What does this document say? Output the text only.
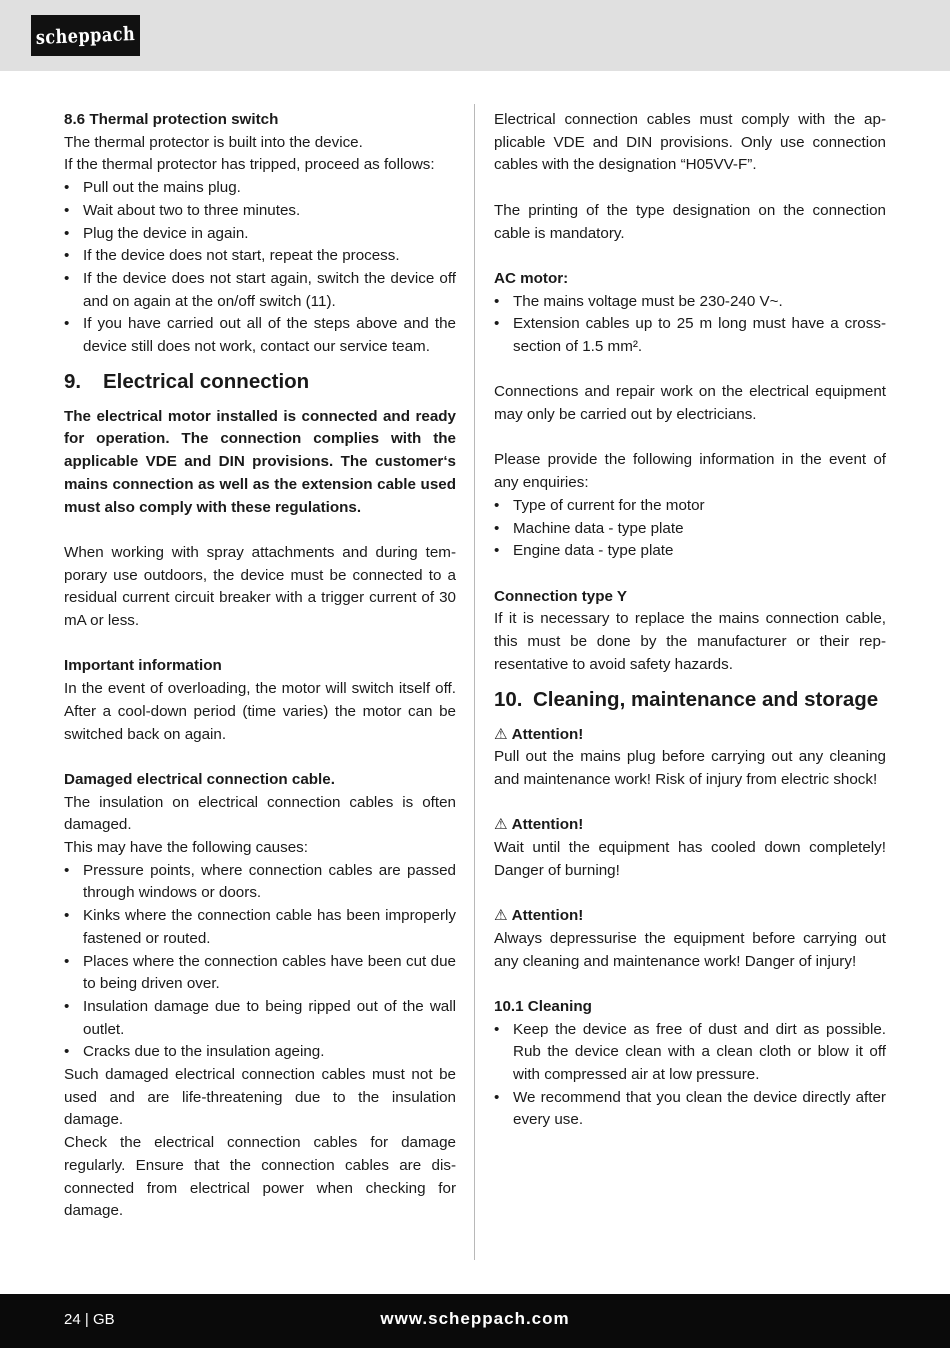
scheppach

8.6 Thermal protection switch

The thermal protector is built into the device.

If the thermal protector has tripped, proceed as follows:

• Pull out the mains plug.
• Wait about two to three minutes.
• Plug the device in again.
• If the device does not start, repeat the process.
• If the device does not start again, switch the device off and on again at the on/off switch (11).
• If you have carried out all of the steps above and the device still does not work, contact our service team.
9.	Electrical connection

The electrical motor installed is connected and ready for operation. The connection complies with the applicable VDE and DIN provisions. The customer‘s mains connection as well as the extension cable used must also comply with these regulations.

When working with spray attachments and during temporary use outdoors, the device must be connected to a residual current circuit breaker with a trigger current of 30 mA or less.

Important information

In the event of overloading, the motor will switch itself off. After a cool-down period (time varies) the motor can be switched back on again.

Damaged electrical connection cable.

The insulation on electrical connection cables is often damaged.

This may have the following causes:

• Pressure points, where connection cables are passed through windows or doors.
• Kinks where the connection cable has been improperly fastened or routed.
• Places where the connection cables have been cut due to being driven over.
• Insulation damage due to being ripped out of the wall outlet.
• Cracks due to the insulation ageing.

Such damaged electrical connection cables must not be used and are life-threatening due to the insulation damage.

Check the electrical connection cables for damage regularly. Ensure that the connection cables are disconnected from electrical power when checking for damage.

Electrical connection cables must comply with the applicable VDE and DIN provisions. Only use connection cables with the designation “H05VV-F”.

The printing of the type designation on the connection cable is mandatory.

AC motor:

• The mains voltage must be 230-240 V~.
• Extension cables up to 25 m long must have a cross-section of 1.5 mm².

Connections and repair work on the electrical equipment may only be carried out by electricians.

Please provide the following information in the event of any enquiries:

• Type of current for the motor
• Machine data - type plate
• Engine data - type plate

Connection type Y

If it is necessary to replace the mains connection cable, this must be done by the manufacturer or their representative to avoid safety hazards.

10. Cleaning, maintenance and storage

⚠ Attention!

Pull out the mains plug before carrying out any cleaning and maintenance work! Risk of injury from electric shock!

⚠ Attention!

Wait until the equipment has cooled down completely! Danger of burning!

⚠ Attention!

Always depressurise the equipment before carrying out any cleaning and maintenance work! Danger of injury!

10.1 Cleaning

• Keep the device as free of dust and dirt as possible. Rub the device clean with a clean cloth or blow it off with compressed air at low pressure.
• We recommend that you clean the device directly after every use.
24 | GB	www.scheppach.com
